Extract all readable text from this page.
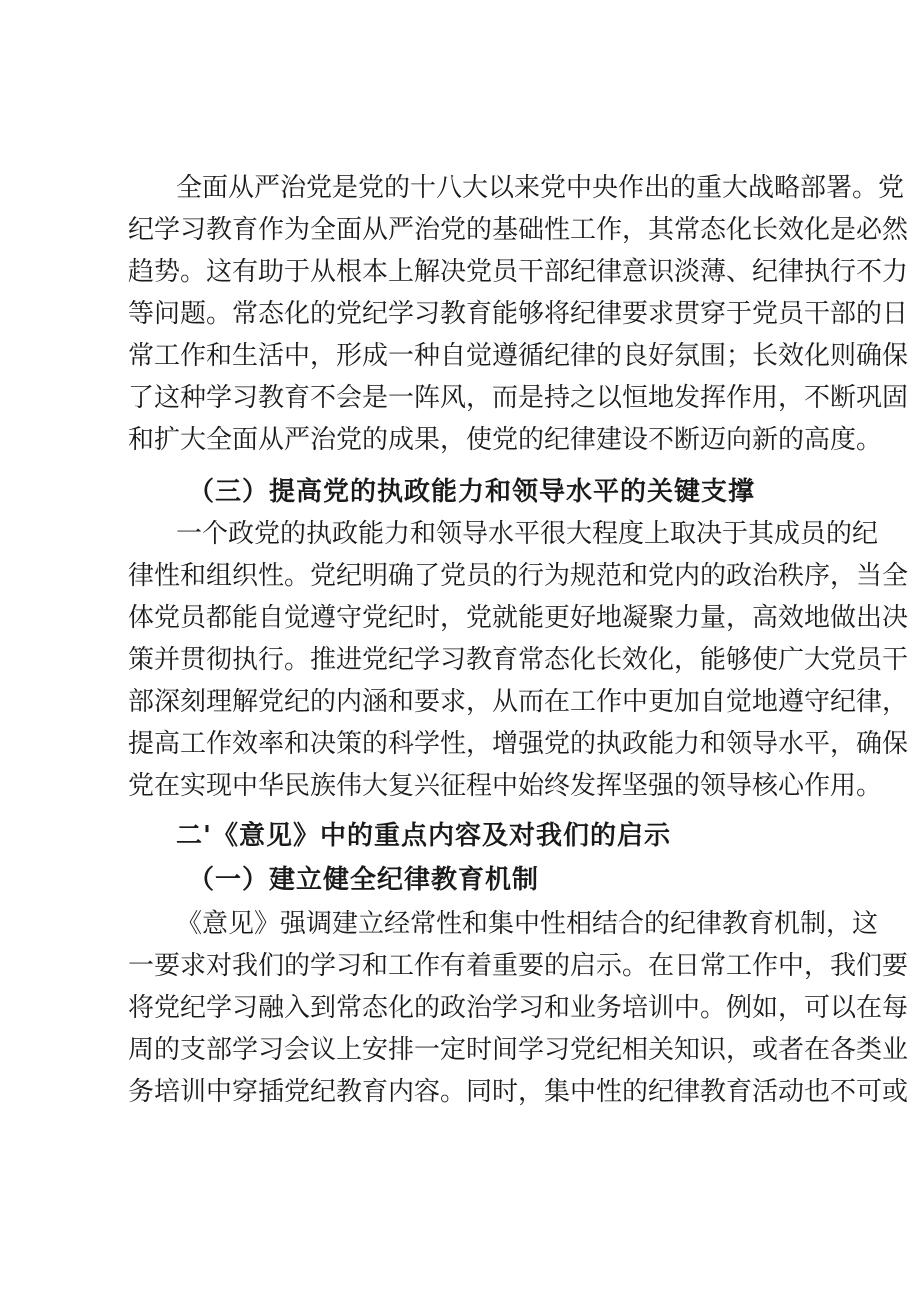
全面从严治党是党的十八大以来党中央作出的重大战略部署。党
纪学习教育作为全面从严治党的基础性工作，其常态化长效化是必然
趋势。这有助于从根本上解决党员干部纪律意识淡薄、纪律执行不力
等问题。常态化的党纪学习教育能够将纪律要求贯穿于党员干部的日
常工作和生活中，形成一种自觉遵循纪律的良好氛围；长效化则确保
了这种学习教育不会是一阵风，而是持之以恒地发挥作用，不断巩固
和扩大全面从严治党的成果，使党的纪律建设不断迈向新的高度。
（三）提高党的执政能力和领导水平的关键支撑
一个政党的执政能力和领导水平很大程度上取决于其成员的纪
律性和组织性。党纪明确了党员的行为规范和党内的政治秩序，当全
体党员都能自觉遵守党纪时，党就能更好地凝聚力量，高效地做出决
策并贯彻执行。推进党纪学习教育常态化长效化，能够使广大党员干
部深刻理解党纪的内涵和要求，从而在工作中更加自觉地遵守纪律，
提高工作效率和决策的科学性，增强党的执政能力和领导水平，确保
党在实现中华民族伟大复兴征程中始终发挥坚强的领导核心作用。
二'《意见》中的重点内容及对我们的启示
（一）建立健全纪律教育机制
《意见》强调建立经常性和集中性相结合的纪律教育机制，这
一要求对我们的学习和工作有着重要的启示。在日常工作中，我们要
将党纪学习融入到常态化的政治学习和业务培训中。例如，可以在每
周的支部学习会议上安排一定时间学习党纪相关知识，或者在各类业
务培训中穿插党纪教育内容。同时，集中性的纪律教育活动也不可或
